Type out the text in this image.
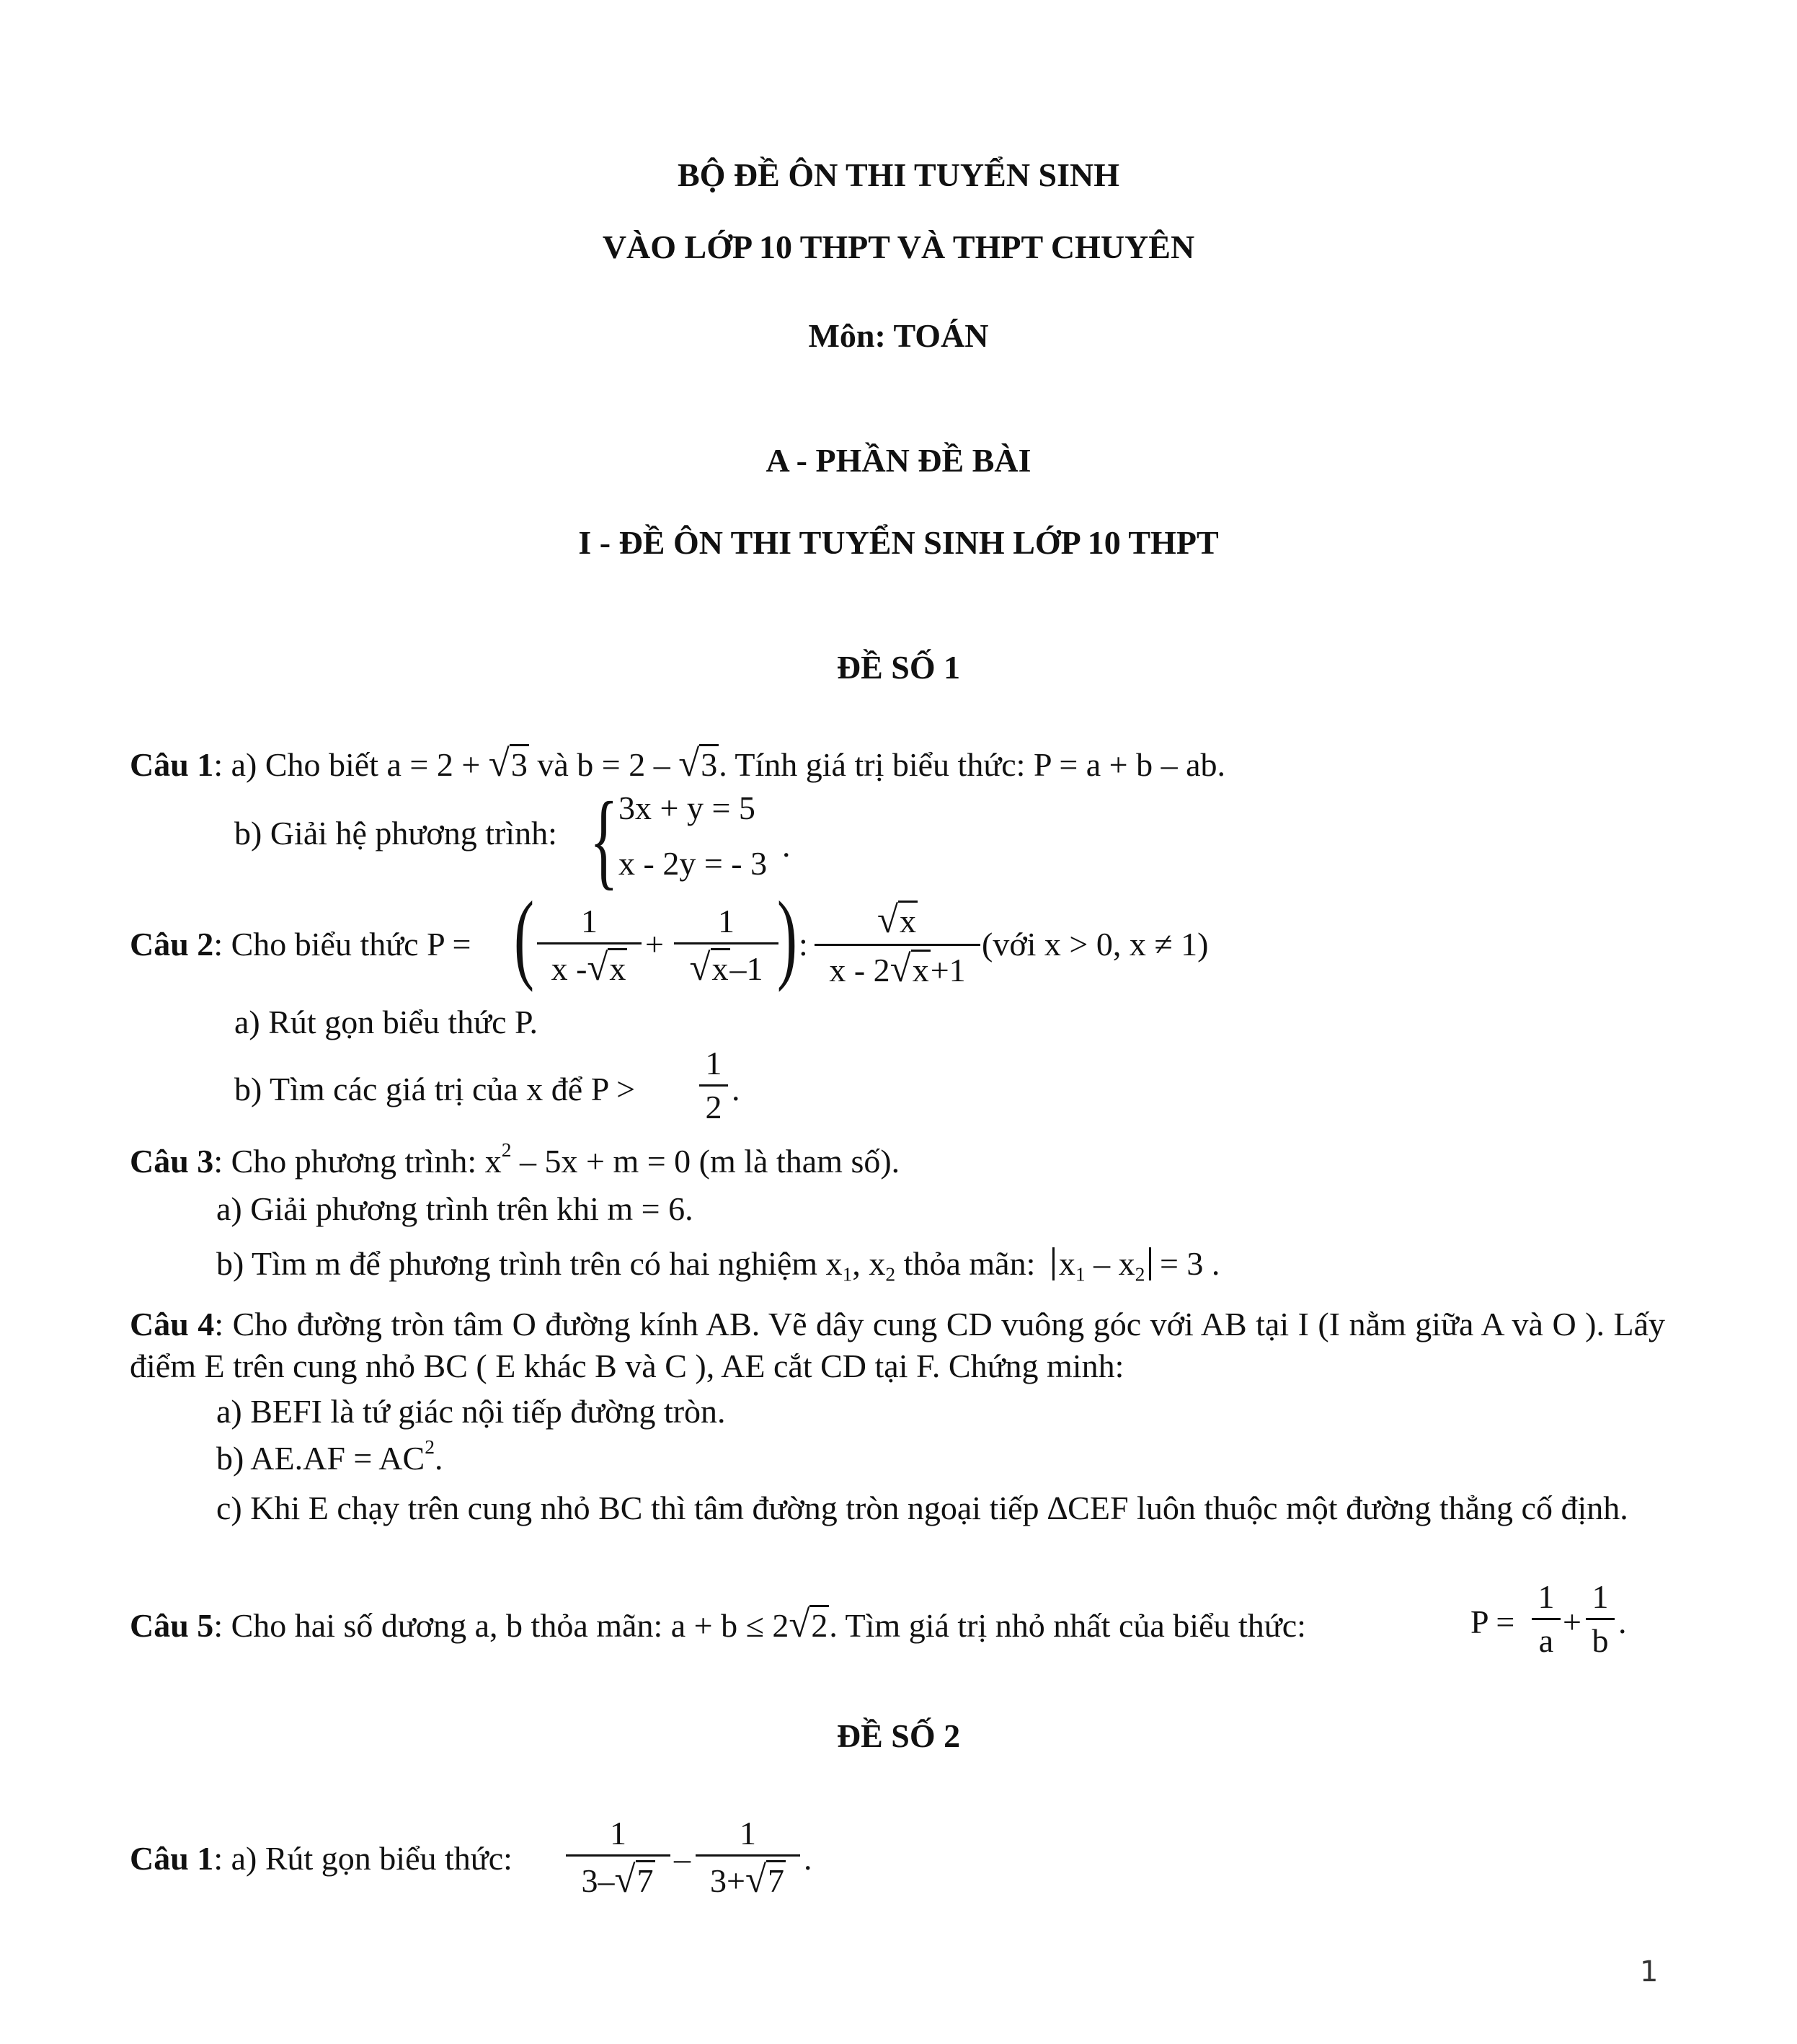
BỘ ĐỀ ÔN THI TUYỂN SINH
VÀO LỚP 10 THPT VÀ THPT CHUYÊN
Môn: TOÁN
A - PHẦN ĐỀ BÀI
I - ĐỀ ÔN THI TUYỂN SINH LỚP 10 THPT
ĐỀ SỐ 1
Câu 1: a) Cho biết a = 2 + √3 và b = 2 – √3. Tính giá trị biểu thức: P = a + b – ab.
b) Giải hệ phương trình: { 3x + y = 5
x - 2y = - 3 .
Câu 2: Cho biểu thức P = (	1
x -√x
+
1
√x–1 ) :
√x
x - 2√x+1
(với x > 0, x ≠ 1)
a) Rút gọn biểu thức P.
b) Tìm các giá trị của x để P >
1
2 .
Câu 3: Cho phương trình: $x^2 - 5x + m = 0$ (m là tham số).
a) Giải phương trình trên khi m = 6.
b) Tìm m để phương trình trên có hai nghiệm $x_1$, $x_2$ thỏa mãn: $x_1 - x_2 = 3$ .
Câu 4: Cho đường tròn tâm O đường kính AB. Vẽ dây cung CD vuông góc với AB tại I (I nằm giữa A và O ). Lấy điểm E trên cung nhỏ BC ( E khác B và C ), AE cắt CD tại F. Chứng minh:
a) BEFI là tứ giác nội tiếp đường tròn.
b) $AE.AF = AC^2$.
c) Khi E chạy trên cung nhỏ BC thì tâm đường tròn ngoại tiếp ∆CEF luôn thuộc một đường thẳng cố định.
Câu 5: Cho hai số dương a, b thỏa mãn: a + b ≤ 2√2. Tìm giá trị nhỏ nhất của biểu thức:	P =
1
a
+
1
b
.
ĐỀ SỐ 2
Câu 1: a) Rút gọn biểu thức:
1
3–√7
–
1
3+√7
.
1
